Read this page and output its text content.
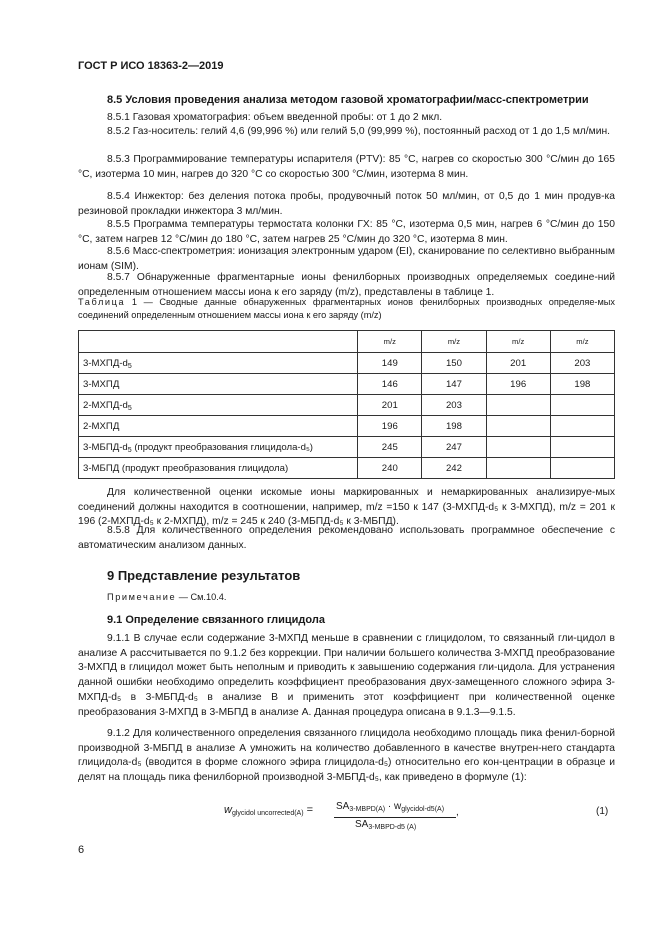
ГОСТ Р ИСО 18363-2—2019
8.5 Условия проведения анализа методом газовой хроматографии/масс-спектрометрии
8.5.1 Газовая хроматография: объем введенной пробы: от 1 до 2 мкл.
8.5.2 Газ-носитель: гелий 4,6 (99,996 %) или гелий 5,0 (99,999 %), постоянный расход от 1 до 1,5 мл/мин.
8.5.3 Программирование температуры испарителя (PTV): 85 °C, нагрев со скоростью 300 °C/мин до 165 °C, изотерма 10 мин, нагрев до 320 °C со скоростью 300 °C/мин, изотерма 8 мин.
8.5.4 Инжектор: без деления потока пробы, продувочный поток 50 мл/мин, от 0,5 до 1 мин продув-ка резиновой прокладки инжектора 3 мл/мин.
8.5.5 Программа температуры термостата колонки ГХ: 85 °C, изотерма 0,5 мин, нагрев 6 °C/мин до 150 °C, затем нагрев 12 °C/мин до 180 °C, затем нагрев 25 °C/мин до 320 °C, изотерма 8 мин.
8.5.6 Масс-спектрометрия: ионизация электронным ударом (EI), сканирование по селективно выбранным ионам (SIM).
8.5.7 Обнаруженные фрагментарные ионы фенилборных производных определяемых соедине-ний определенным отношением массы иона к его заряду (m/z), представлены в таблице 1.
Таблица 1 — Сводные данные обнаруженных фрагментарных ионов фенилборных производных определяе-мых соединений определенным отношением массы иона к его заряду (m/z)
	m/z	m/z	m/z	m/z
$3-МХПД-d_5$	149	150	201	203
3-МХПД	146	147	196	198
$2-МХПД-d_5$	201	203		
2-МХПД	196	198		
$3-МБПД-d_5$ (продукт преобразования глицидола-d₅)	245	247		
3-МБПД (продукт преобразования глицидола)	240	242		
Для количественной оценки искомые ионы маркированных и немаркированных анализируе-мых соединений должны находится в соотношении, например, m/z =150 к 147 (3-МХПД-d₅ к 3-МХПД), m/z = 201 к 196 (2-МХПД-d₅ к 2-МХПД), m/z = 245 к 240 (3-МБПД-d₅ к 3-МБПД).
8.5.8 Для количественного определения рекомендовано использовать программное обеспечение с автоматическим анализом данных.
9 Представление результатов
Примечание — См.10.4.
9.1 Определение связанного глицидола
9.1.1 В случае если содержание 3-МХПД меньше в сравнении с глицидолом, то связанный гли-цидол в анализе А рассчитывается по 9.1.2 без коррекции. При наличии большего количества 3-МХПД преобразование 3-МХПД в глицидол может быть неполным и приводить к завышению содержания гли-цидола. Для устранения данной ошибки необходимо определить коэффициент преобразования двух-замещенного сложного эфира 3-МХПД-d₅ в 3-МБПД-d₅ в анализе В и применить этот коэффициент при количественной оценке преобразования 3-МХПД в 3-МБПД в анализе А. Данная процедура описана в 9.1.3—9.1.5.
9.1.2 Для количественного определения связанного глицидола необходимо площадь пика фенил-борной производной 3-МБПД в анализе А умножить на количество добавленного в качестве внутрен-него стандарта глицидола-d₅ (вводится в форме сложного эфира глицидола-d₅) относительно его кон-центрации в образце и делят на площадь пика фенилборной производной 3-МБПД-d₅, как приведено в формуле (1):
$w_{glycidol uncorrected(A)} = SA_{3-MBPD(A)} \cdot w_{glycidol-d5(A)}$
$SA_{3-MBPD-d5 (A)}$
,	(1)
6
